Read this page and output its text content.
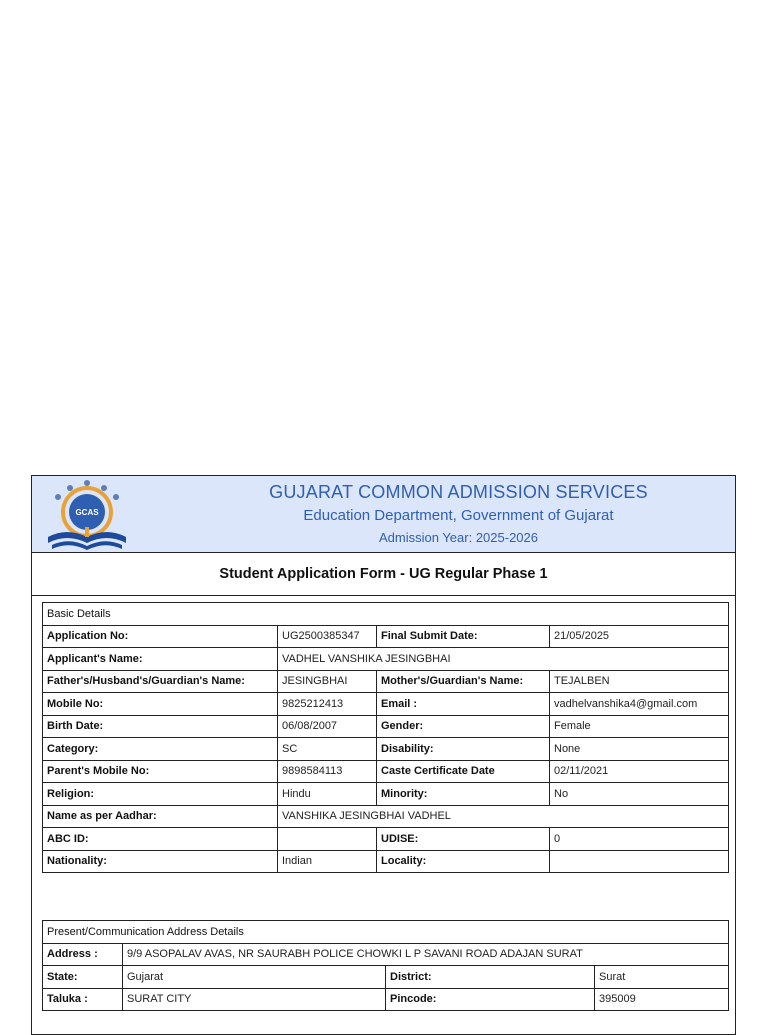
GCAS
GUJARAT COMMON ADMISSION SERVICES
Education Department, Government of Gujarat
Admission Year: 2025-2026
Student Application Form - UG Regular Phase 1
Basic Details			
Application No:	UG2500385347	Final Submit Date:	21/05/2025
Applicant's Name:	VADHEL VANSHIKA JESINGBHAI		
Father's/Husband's/Guardian's Name:	JESINGBHAI	Mother's/Guardian's Name:	TEJALBEN
Mobile No:	9825212413	Email :	vadhelvanshika4@gmail.com
Birth Date:	06/08/2007	Gender:	Female
Category:	SC	Disability:	None
Parent's Mobile No:	9898584113	Caste Certificate Date	02/11/2021
Religion:	Hindu	Minority:	No
Name as per Aadhar:	VANSHIKA JESINGBHAI VADHEL		
ABC ID:		UDISE:	0
Nationality:	Indian	Locality:	
Present/Communication Address Details			
Address :	9/9 ASOPALAV AVAS, NR SAURABH POLICE CHOWKI L P SAVANI ROAD ADAJAN SURAT		
State:	Gujarat	District:	Surat
Taluka :	SURAT CITY	Pincode:	395009
